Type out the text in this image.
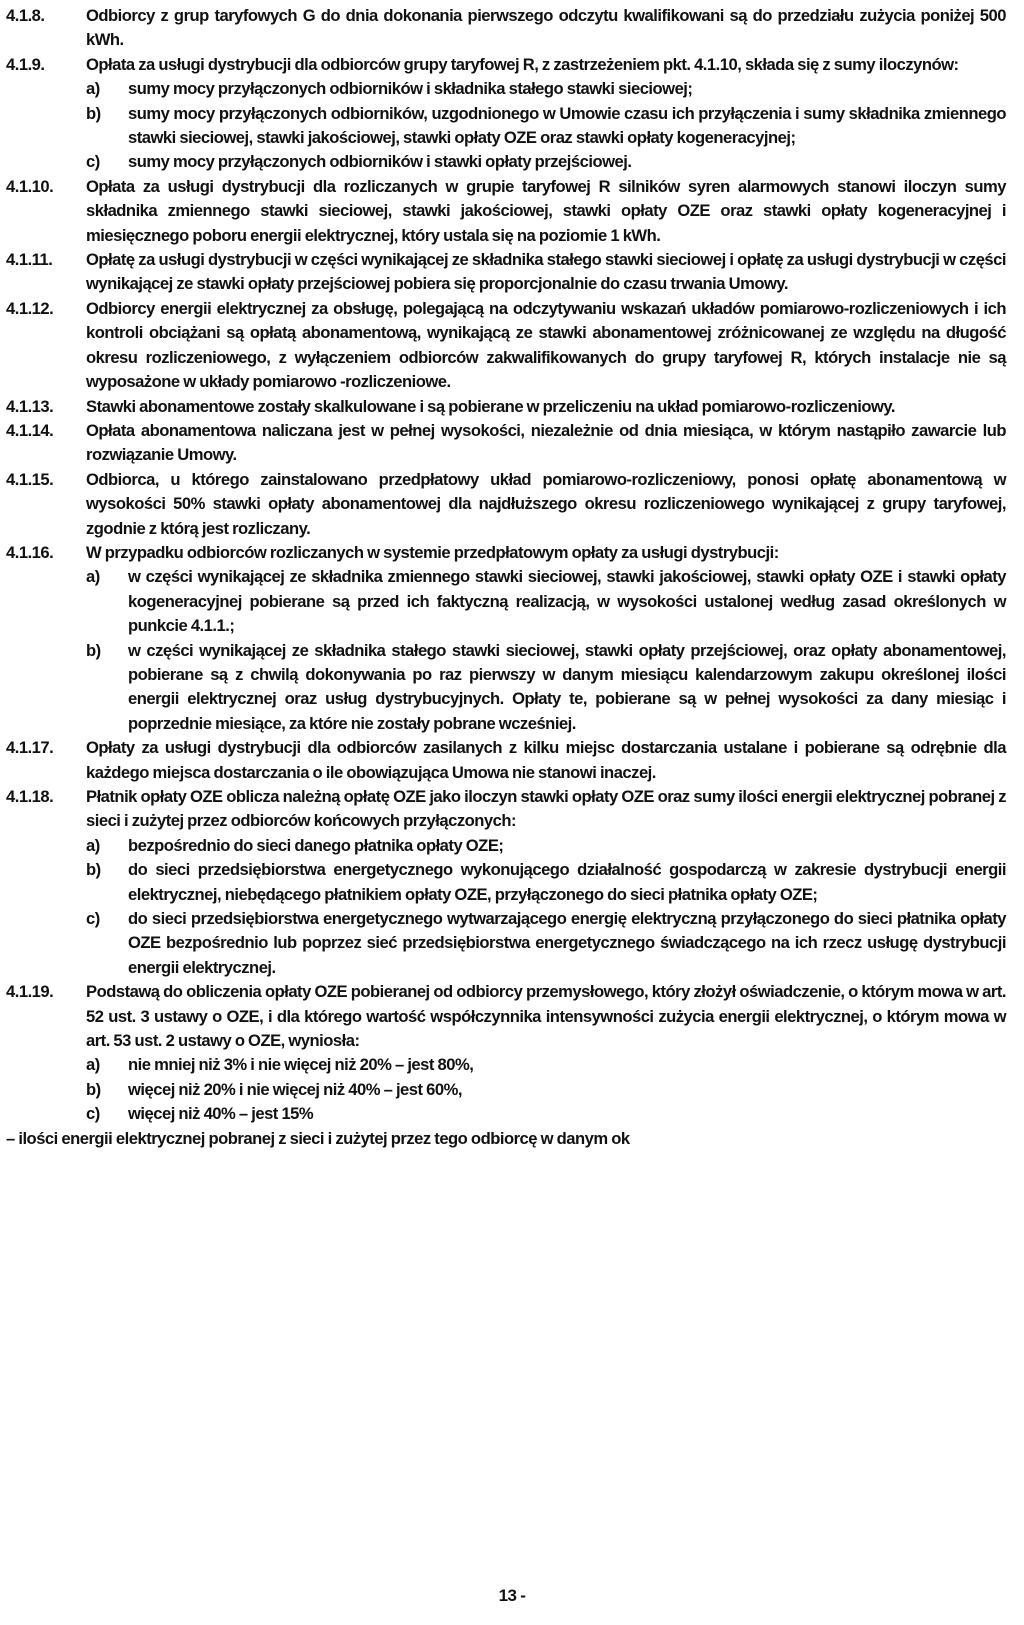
4.1.8.	Odbiorcy z grup taryfowych G do dnia dokonania pierwszego odczytu kwalifikowani są do przedziału zużycia poniżej 500 kWh.
4.1.9.	Opłata za usługi dystrybucji dla odbiorców grupy taryfowej R, z zastrzeżeniem pkt. 4.1.10, składa się z sumy iloczynów:
a)	sumy mocy przyłączonych odbiorników i składnika stałego stawki sieciowej;
b)	sumy mocy przyłączonych odbiorników, uzgodnionego w Umowie czasu ich przyłączenia i sumy składnika zmiennego stawki sieciowej, stawki jakościowej, stawki opłaty OZE oraz stawki opłaty kogeneracyjnej;
c)	sumy mocy przyłączonych odbiorników i stawki opłaty przejściowej.
4.1.10.	Opłata za usługi dystrybucji dla rozliczanych w grupie taryfowej R silników syren alarmowych stanowi iloczyn sumy składnika zmiennego stawki sieciowej, stawki jakościowej, stawki opłaty OZE oraz stawki opłaty kogeneracyjnej i miesięcznego poboru energii elektrycznej, który ustala się na poziomie 1 kWh.
4.1.11.	Opłatę za usługi dystrybucji w części wynikającej ze składnika stałego stawki sieciowej i opłatę za usługi dystrybucji w części wynikającej ze stawki opłaty przejściowej pobiera się proporcjonalnie do czasu trwania Umowy.
4.1.12.	Odbiorcy energii elektrycznej za obsługę, polegającą na odczytywaniu wskazań układów pomiarowo-rozliczeniowych i ich kontroli obciążani są opłatą abonamentową, wynikającą ze stawki abonamentowej zróżnicowanej ze względu na długość okresu rozliczeniowego, z wyłączeniem odbiorców zakwalifikowanych do grupy taryfowej R, których instalacje nie są wyposażone w układy pomiarowo -rozliczeniowe.
4.1.13.	Stawki abonamentowe zostały skalkulowane i są pobierane w przeliczeniu na układ pomiarowo-rozliczeniowy.
4.1.14.	Opłata abonamentowa naliczana jest w pełnej wysokości, niezależnie od dnia miesiąca, w którym nastąpiło zawarcie lub rozwiązanie Umowy.
4.1.15.	Odbiorca, u którego zainstalowano przedpłatowy układ pomiarowo-rozliczeniowy, ponosi opłatę abonamentową w wysokości 50% stawki opłaty abonamentowej dla najdłuższego okresu rozliczeniowego wynikającej z grupy taryfowej, zgodnie z którą jest rozliczany.
4.1.16.	W przypadku odbiorców rozliczanych w systemie przedpłatowym opłaty za usługi dystrybucji:
a)	w części wynikającej ze składnika zmiennego stawki sieciowej, stawki jakościowej, stawki opłaty OZE i stawki opłaty kogeneracyjnej pobierane są przed ich faktyczną realizacją, w wysokości ustalonej według zasad określonych w punkcie 4.1.1.;
b)	w części wynikającej ze składnika stałego stawki sieciowej, stawki opłaty przejściowej, oraz opłaty abonamentowej, pobierane są z chwilą dokonywania po raz pierwszy w danym miesiącu kalendarzowym zakupu określonej ilości energii elektrycznej oraz usług dystrybucyjnych. Opłaty te, pobierane są w pełnej wysokości za dany miesiąc i poprzednie miesiące, za które nie zostały pobrane wcześniej.
4.1.17.	Opłaty za usługi dystrybucji dla odbiorców zasilanych z kilku miejsc dostarczania ustalane i pobierane są odrębnie dla każdego miejsca dostarczania o ile obowiązująca Umowa nie stanowi inaczej.
4.1.18.	Płatnik opłaty OZE oblicza należną opłatę OZE jako iloczyn stawki opłaty OZE oraz sumy ilości energii elektrycznej pobranej z sieci i zużytej przez odbiorców końcowych przyłączonych:
a)	bezpośrednio do sieci danego płatnika opłaty OZE;
b)	do sieci przedsiębiorstwa energetycznego wykonującego działalność gospodarczą w zakresie dystrybucji energii elektrycznej, niebędącego płatnikiem opłaty OZE, przyłączonego do sieci płatnika opłaty OZE;
c)	do sieci przedsiębiorstwa energetycznego wytwarzającego energię elektryczną przyłączonego do sieci płatnika opłaty OZE bezpośrednio lub poprzez sieć przedsiębiorstwa energetycznego świadczącego na ich rzecz usługę dystrybucji energii elektrycznej.
4.1.19.	Podstawą do obliczenia opłaty OZE pobieranej od odbiorcy przemysłowego, który złożył oświadczenie, o którym mowa w art. 52 ust. 3 ustawy o OZE, i dla którego wartość współczynnika intensywności zużycia energii elektrycznej, o którym mowa w art. 53 ust. 2 ustawy o OZE, wyniosła:
a)	nie mniej niż 3% i nie więcej niż 20% – jest 80%,
b)	więcej niż 20% i nie więcej niż 40% – jest 60%,
c)	więcej niż 40% – jest 15%
– ilości energii elektrycznej pobranej z sieci i zużytej przez tego odbiorcę w danym ok
13 -
